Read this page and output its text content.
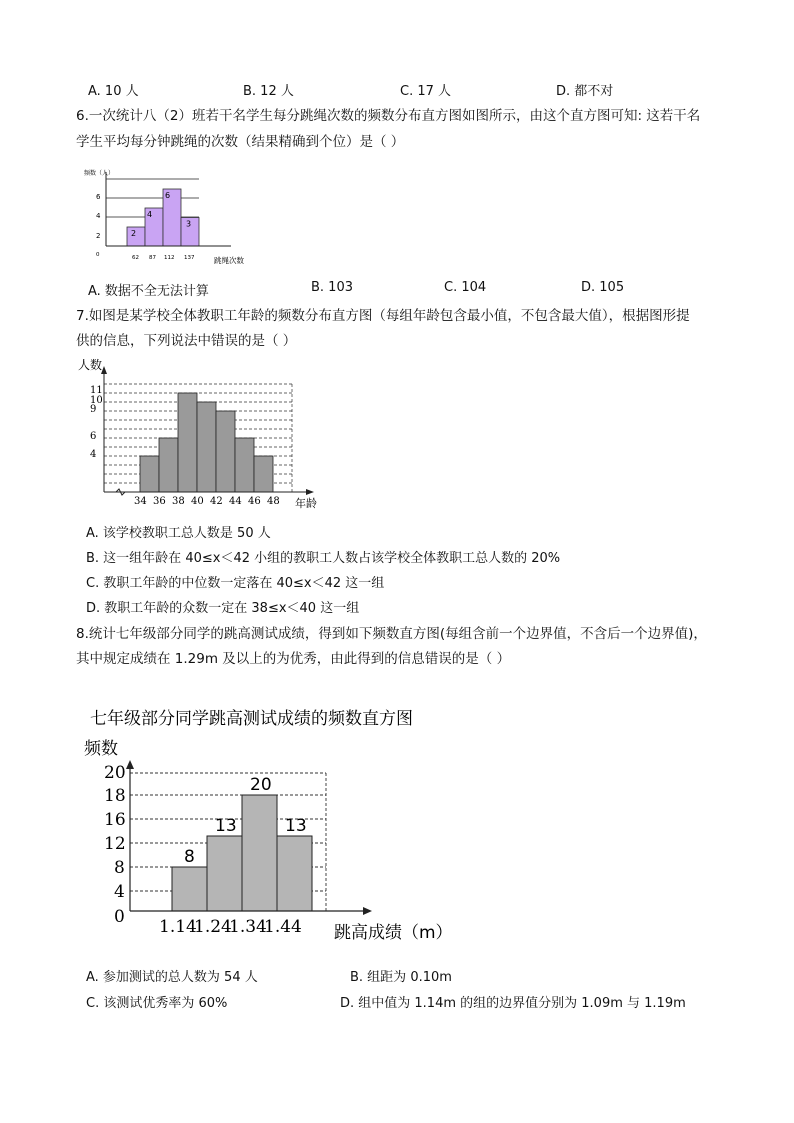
A. 10 人	B. 12 人	C. 17 人	D. 都不对
6.一次统计八（2）班若干名学生每分跳绳次数的频数分布直方图如图所示，由这个直方图可知: 这若干名
学生平均每分钟跳绳的次数（结果精确到个位）是（ ）
2
4
6
3
频数（人）
跳绳次数
0
2
4
6
62 87 112 137
A. 数据不全无法计算	B. 103	C. 104	D. 105
7.如图是某学校全体教职工年龄的频数分布直方图（每组年龄包含最小值，不包含最大值），根据图形提
供的信息，下列说法中错误的是（ ）
34 36 38 40 42 44 46 48
人数
年龄
4
6
9
10
11
A. 该学校教职工总人数是 50 人
B. 这一组年龄在 40≤x＜42 小组的教职工人数占该学校全体教职工总人数的 20%
C. 教职工年龄的中位数一定落在 40≤x＜42 这一组
D. 教职工年龄的众数一定在 38≤x＜40 这一组
8.统计七年级部分同学的跳高测试成绩，得到如下频数直方图(每组含前一个边界值，不含后一个边界值)，
其中规定成绩在 1.29m 及以上的为优秀，由此得到的信息错误的是（ ）
七年级部分同学跳高测试成绩的频数直方图
8
13
20
13
1.14
1.24
1.34
1.44
频数
跳高成绩（m）
0
4
8
12
16
18
20
A. 参加测试的总人数为 54 人	B. 组距为 0.10m
C. 该测试优秀率为 60%	D. 组中值为 1.14m 的组的边界值分别为 1.09m 与 1.19m
